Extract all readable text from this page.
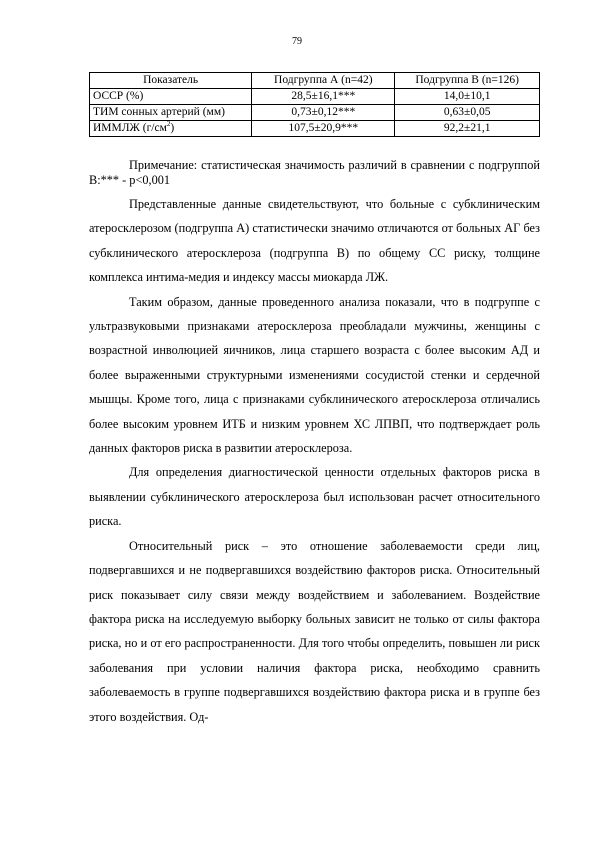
79
Показатель	Подгруппа А (n=42)	Подгруппа В (n=126)
ОССР (%)	28,5±16,1***	14,0±10,1
ТИМ сонных артерий (мм)	0,73±0,12***	0,63±0,05
ИММЛЖ $(г/см^2)$	107,5±20,9***	92,2±21,1

Примечание: статистическая значимость различий в сравнении с подгруппой В:*** - р<0,001

Представленные данные свидетельствуют, что больные с субклиническим атеросклерозом (подгруппа А) статистически значимо отличаются от больных АГ без субклинического атеросклероза (подгруппа В) по общему СС риску, толщине комплекса интима-медия и индексу массы миокарда ЛЖ.

Таким образом, данные проведенного анализа показали, что в подгруппе с ультразвуковыми признаками атеросклероза преобладали мужчины, женщины с возрастной инволюцией яичников, лица старшего возраста с более высоким АД и более выраженными структурными изменениями сосудистой стенки и сердечной мышцы. Кроме того, лица с признаками субклинического атеросклероза отличались более высоким уровнем ИТБ и низким уровнем ХС ЛПВП, что подтверждает роль данных факторов риска в развитии атеросклероза.

Для определения диагностической ценности отдельных факторов риска в выявлении субклинического атеросклероза был использован расчет относительного риска.

Относительный риск – это отношение заболеваемости среди лиц, подвергавшихся и не подвергавшихся воздействию факторов риска. Относительный риск показывает силу связи между воздействием и заболеванием. Воздействие фактора риска на исследуемую выборку больных зависит не только от силы фактора риска, но и от его распространенности. Для того чтобы определить, повышен ли риск заболевания при условии наличия фактора риска, необходимо сравнить заболеваемость в группе подвергавшихся воздействию фактора риска и в группе без этого воздействия. Од-
